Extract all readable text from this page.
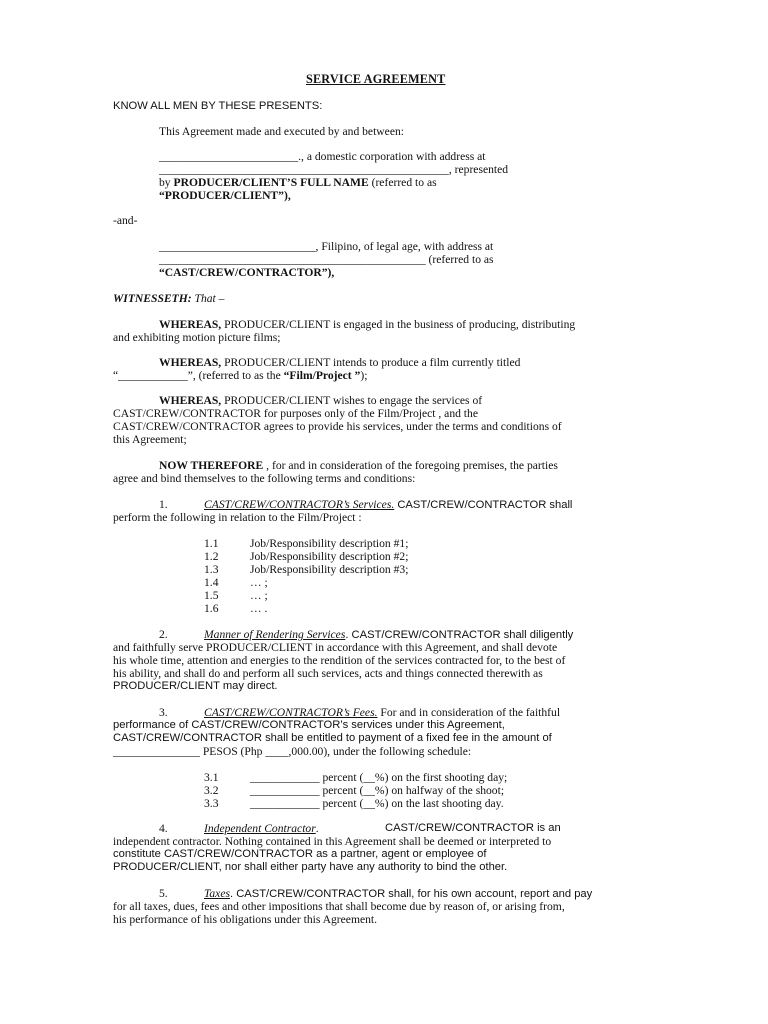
SERVICE AGREEMENT
KNOW ALL MEN BY THESE PRESENTS:
This Agreement made and executed by and between:
________________________., a domestic corporation with address at
__________________________________________________, represented
by PRODUCER/CLIENT’S FULL NAME (referred to as
“PRODUCER/CLIENT”),
-and-
___________________________, Filipino, of legal age, with address at
______________________________________________ (referred to as
“CAST/CREW/CONTRACTOR”),
WITNESSETH: That –
WHEREAS, PRODUCER/CLIENT is engaged in the business of producing, distributing
and exhibiting motion picture films;
WHEREAS, PRODUCER/CLIENT intends to produce a film currently titled
“____________”, (referred to as the “Film/Project ”);
WHEREAS, PRODUCER/CLIENT wishes to engage the services of
CAST/CREW/CONTRACTOR for purposes only of the Film/Project , and the
CAST/CREW/CONTRACTOR agrees to provide his services, under the terms and conditions of
this Agreement;
NOW THEREFORE , for and in consideration of the foregoing premises, the parties
agree and bind themselves to the following terms and conditions:
1.	CAST/CREW/CONTRACTOR’s Services. CAST/CREW/CONTRACTOR shall
perform the following in relation to the Film/Project :
1.1	Job/Responsibility description #1;
1.2	Job/Responsibility description #2;
1.3	Job/Responsibility description #3;
1.4	… ;
1.5	… ;
1.6	… .
2.	Manner of Rendering Services. CAST/CREW/CONTRACTOR shall diligently
and faithfully serve PRODUCER/CLIENT in accordance with this Agreement, and shall devote
his whole time, attention and energies to the rendition of the services contracted for, to the best of
his ability, and shall do and perform all such services, acts and things connected therewith as
PRODUCER/CLIENT may direct.
3.	CAST/CREW/CONTRACTOR’s Fees. For and in consideration of the faithful
performance of CAST/CREW/CONTRACTOR’s services under this Agreement,
CAST/CREW/CONTRACTOR shall be entitled to payment of a fixed fee in the amount of
_______________ PESOS (Php ____,000.00), under the following schedule:
3.1	____________ percent (__%) on the first shooting day;
3.2	____________ percent (__%) on halfway of the shoot;
3.3	____________ percent (__%) on the last shooting day.
4.	Independent Contractor.	CAST/CREW/CONTRACTOR is an
independent contractor. Nothing contained in this Agreement shall be deemed or interpreted to
constitute CAST/CREW/CONTRACTOR as a partner, agent or employee of
PRODUCER/CLIENT, nor shall either party have any authority to bind the other.
5.	Taxes. CAST/CREW/CONTRACTOR shall, for his own account, report and pay
for all taxes, dues, fees and other impositions that shall become due by reason of, or arising from,
his performance of his obligations under this Agreement.
